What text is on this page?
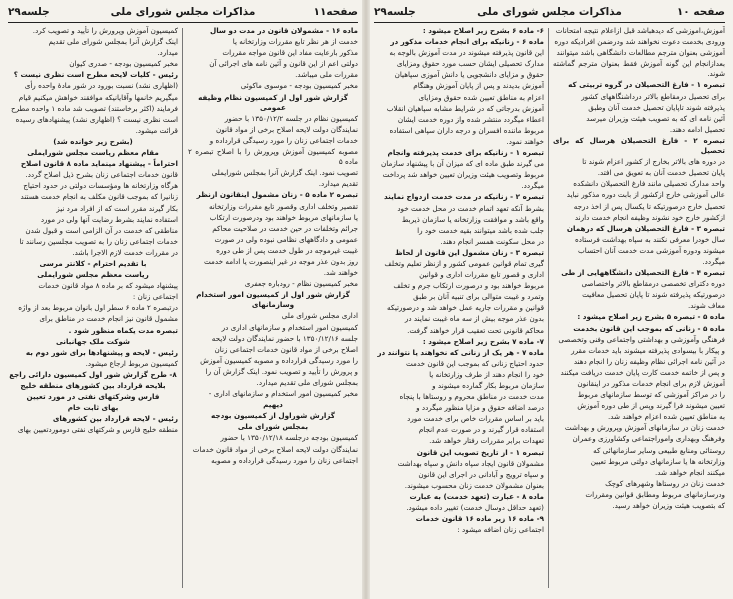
صفحه۱۱
مذاکرات مجلس شورای ملی
جلسه۲۹
ماده ۱۶ - مشمولان قانون در مدت دو سال
خدمت از هر نظر تابع مقررات وزارتخانه یا
مذکور بارعایت مفاد این قانون مواجه مقررات
دولتی اعم از این قانون و آئین نامه های اجرائی آن
مقررات ملی میباشد.
مخبر کمیسیون بودجه - موسوی ماکوئی
گزارش شور اول از کمیسیون نظام وظیفه عمومی
کمیسیون نظام در جلسه ۱۳۵۰/۱۲/۲ با حضور
نمایندگان دولت لایحه اصلاح برخی از مواد قانون
خدمات اجتماعی زنان را مورد رسیدگی قرارداده و
مصوبه کمیسیون آموزش وپرورش را با اصلاح تبصره ۲ ماده ۵
تصویب نمود. اینک گزارش آنرا بمجلس شورایملی
تقدیم میدارد.
تبصره ۲ ماده ۵ - زنان مشمول اینقانون ازنظر
تقصیر وتخلف اداری وقصور تابع مقررات وزارتخانه
یا سازمانهای مربوط خواهند بود ودرصورت ارتکاب
جرائم وتخلفات در حین خدمت در صلاحیت محاکم
عمومی و دادگاههای نظامی نبوده ولی در صورت
غیبت غیرموجه در طول خدمت پس از طی دوره
روز بدون عذر موجه در غیر اینصورت یا ادامه خدمت
خواهند شد.
مخبر کمیسیون نظام - رودباره جعفری
گزارش شور اول از کمیسیون امور استخدام وسازمانهای
اداری مجلس شورای ملی
کمیسیون امور استخدام و سازمانهای اداری در
جلسه ۱۳۵۰/۱۲/۱۶ با حضور نمایندگان دولت لایحه
اصلاح برخی از مواد قانون خدمات اجتماعی زنان
را مورد رسیدگی قرارداده و مصوبه کمیسیون آموزش
و پرورش را تأیید و تصویب نمود. اینک گزارش آن را
بمجلس شورای ملی تقدیم میدارد.
مخبر کمیسیون امور استخدام و سازمانهای اداری -
دیهیم
گزارش شوراول از کمیسیون بودجه
بمجلس شورای ملی
کمیسیون بودجه درجلسه ۱۳۵۰/۱۲/۱۸ با حضور
نمایندگان دولت لایحه اصلاح برخی از مواد قانون خدمات
اجتماعی زنان را مورد رسیدگی قرارداده و مصوبه
کمیسیون آموزش وپرورش را تأیید و تصویب کرد.
اینک گزارش آنرا بمجلس شورای ملی تقدیم
میدارد.
مخبر کمیسیون بودجه - صدری کیوان
رئیس - کلیات لایحه مطرح است نظری نیست ؟
(اظهاری نشد) نسبت بورود در شور مادهٔ واحده رأی
میگیریم خانمها وآقایانیکه موافقند خواهش میکنیم قیام
فرمایند (اکثر برخاستند) تصویب شد ماده ۱ واحده مطرح
است نظری نیست ؟ (اظهاری نشد) پیشنهادهای رسیده
قرائت میشود.
(بشرح زیر خوانده شد)
مقام معظم ریاست مجلس شورایملی
احتراماً - پیشنهاد مینماید ماده ۸ قانون اصلاح
قانون خدمات اجتماعی زنان بشرح ذیل اصلاح گردد.
هرگاه وزارتخانه ها ومؤسسات دولتی در حدود احتیاج
زنانیرا که بموجب قانون مکلف به انجام خدمت هستند
بکار گیرند مقرر است که از افراد مرد نیز
استفاده نمایند بشرط رضایت آنها ولی در مورد
مناطقی که خدمت در آن الزامی است و قبول شدن
خدمات اجتماعی زنان را به تصویب مجلسین رسانند تا
در مقررات خدمت لازم الاجرا باشد.
با تقدیم احترام - کلانتر مرسی
ریاست معظم مجلس شورایملی
پیشنهاد میشود که بر ماده ۸ مواد قانون خدمات
اجتماعی زنان :
درتبصره ۲ ماده ۶ سطر اول بانوان مربوط بعد از واژه
مشمول قانون نیز انجام خدمت در مناطق برای
تبصره مدت یکماه منظور شود .
شوکت ملک جهانبانی
رئیس - لایحه و پیشنهادها برای شور دوم به
کمیسیون مربوط ارجاع میشود.
۸- طرح گزارش شور اول کمیسیون دارائی راجع
بلایحه قرارداد بین کشورهای منطقه خلیج
فارس وشرکتهای نفتی در مورد تعیین
بهای ثابت خام
رئیس - لایحه قرارداد بین کشورهای
منطقه خلیج فارس و شرکتهای نفتی دوموردتعیین بهای
صفحه ۱۰
مذاکرات مجلس شورای ملی
جلسه۲۹
آموزش،اموزشی که دیدهباشد قبل ازاعلام نتیجه امتحانات
ورودی بخدمت دعوت نخواهند شد ودرضمن افرادیکه دوره
آموزشی بعنوان مترجم مطالعات دانشگاهی باشد میتوانند
بعدازانجام این گونه آموزش فقط بعنوان مترجم گماشته شوند.
تبصره ۱ - فارغ التحصیلان در گروه تربیتی که
برای تحصیل درمقاطع بالاتر درداشنگاههای کشور
پذیرفته شوند تاپایان تحصیل خدمت آنان وطبق
آئین نامه ای که به تصویب هیئت وزیران میرسد
تحصیل ادامه دهند.
تبصره ۲ - فارغ التحصیلان هرسال که برای تحصیل
در دوره های بالاتر بخارج از کشور اعزام شوند تا
پایان تحصیل خدمت آنان به تعویق می افتد.
واحد مدارک تحصیلی مانند فارغ التحصیلان دانشکده
عالی آموزشی خارج ازکشور از بابت دوره مذکور نباید
تحصیل خارج درصورتیکه تا یکسال پس از اخذ درجه
ازکشور خارج خود نشوند وظیفه انجام خدمت دارند
تبصره ۳ - فارغ التحصیلان هرسال که درهمان
سال خودرا معرفی نکنند به سپاه بهداشت فرستاده
میشوند ودوره آموزشی مدت خدمت آنان احتساب
میگردد.
تبصره ۴ - فارغ التحصیلان دانشگاههایی از طی
دوره دکترای تخصصی درمقاطع بالاتر واختصاصی
درصورتیکه پذیرفته شوند تا پایان تحصیل معافیت
معاف شوند.
ماده ۵ - تبصره ۵ بشرح زیر اصلاح میشود :
ماده ۵ - زنانی که بموجب این قانون بخدمت
فرهنگی وآموزشی و بهداشتی واجتماعی وفنی وتخصصی
و پیکار با بیسوادی پذیرفته میشوند باید خدمات مقرر
در آئین نامه اجرائی نظام وظیفه زنان را انجام دهند
و پس از خاتمه خدمت کارت پایان خدمت دریافت میکنند
آموزش لازم برای انجام خدمات مذکور در اینقانون
را در مراکز آموزشی که توسط سازمانهای مربوط
تعیین میشوند فرا گیرند وپس از طی دوره آموزش
به مناطق تعیین شده اعزام خواهند شد.
خدمت زنان در سازمانهای آموزش وپرورش و بهداشت
وفرهنگ وبهداری واموراجتماعی وکشاورزی وعمران
روستائی ومنابع طبیعی وسایر سازمانهائی که
وزارتخانه ها یا سازمانهای دولتی مربوط تعیین
میکنند انجام خواهد شد.
خدمت زنان در روستاها وشهرهای کوچک
ودرسازمانهای مربوط ومطابق قوانین ومقررات
که بتصویب هیئت وزیران خواهد رسید.
۶- ماده ۶ بشرح زیر اصلاح میشود :
ماده ۶ - زنانیکه برای انجام خدمات مذکور در
این قانون پذیرفته میشوند در مدت آموزش بالوجه به
مدارک تحصیلی ایشان حسب مورد حقوق ومزایای
حقوق و مزایای دانشجویی یا دانش آموزی سپاهیان
آموزش بدیدند و پس از پایان آموزش وهنگام
اعزام به مناطق تعیین شده حقوق ومزایای
آموزش بدرجاتی که در شرایط مشابه سپاهیان انقلاب
اعطاء میگردد منتشر شده واز دوره خدمت ایشان
مربوط ماننده افسران و درجه داران سپاهی استفاده
خواهند نمود.
تبصره ۱ - زنانیکه برای خدمت پذیرفته وانجام
می گیرند طبق ماده ای که میزان آن با پیشنهاد سازمان
مربوط وتصویب هیئت وزیران تعیین خواهد شد پرداخت
میگردد.
تبصره ۲ - زنانیکه در مدت خدمت ازدواج نمایند
بشرط آنکه تعهد اتمام خدمت در محل خدمت خود
واقع باشد و موافقت وزارتخانه یا سازمان ذیربط
جلب شده باشد میتوانند بقیه خدمت خود را
در محل سکونت همسر انجام دهند.
تبصره ۳ - زنان مشمول این قانون از لحاظ
گیری تمام قوانین عمومی کشور و ازنظر تعلیم وتخلف
اداری و قصور تابع مقررات اداری و قوانین
مربوط خواهند بود و درصورت ارتکاب جرم و تخلف
وتمرد و غیبت متوالی برای تنبیه آنان بر طبق
قوانین و مقررات جاریه عمل خواهد شد و درصورتیکه
بدون عذر موجه بیش از سه ماه غیبت نمایند در
محاکم قانونی تحت تعقیب قرار خواهند گرفت.
۷- ماده ۷ بشرح زیر اصلاح میشود :
ماده ۷ - هر یک از زنانی که نخواهند یا نتوانند در
حدود احتیاج زنانی که بموجب این قانون خدمت
خود را انجام دهند از طرف وزارتخانه یا
سازمان مربوط بکار گمارده میشوند و
مدت خدمت در مناطق محروم و روستاها با پنجاه
درصد اضافه حقوق و مزایا منظور میگردد و
باید بر اساس مقررات خاص برای خدمت مورد
استفاده قرار گیرند و در صورت عدم انجام
تعهدات برابر مقررات رفتار خواهد شد.
تبصره ۱ - از تاریخ تصویب این قانون
مشمولان قانون ایجاد سپاه دانش و سپاه بهداشت
و سپاه ترویج و آبادانی در اجرای این قانون
بعنوان مشمولان خدمت زنان محسوب میشوند.
ماده ۸ - عبارت (تعهد خدمت) به عبارت
(تعهد حداقل دوسال خدمت) تغییر داده میشود.
۹- ماده ۱۶ زیر ماده ۱۶ قانون خدمات
اجتماعی زنان اضافه میشود :
